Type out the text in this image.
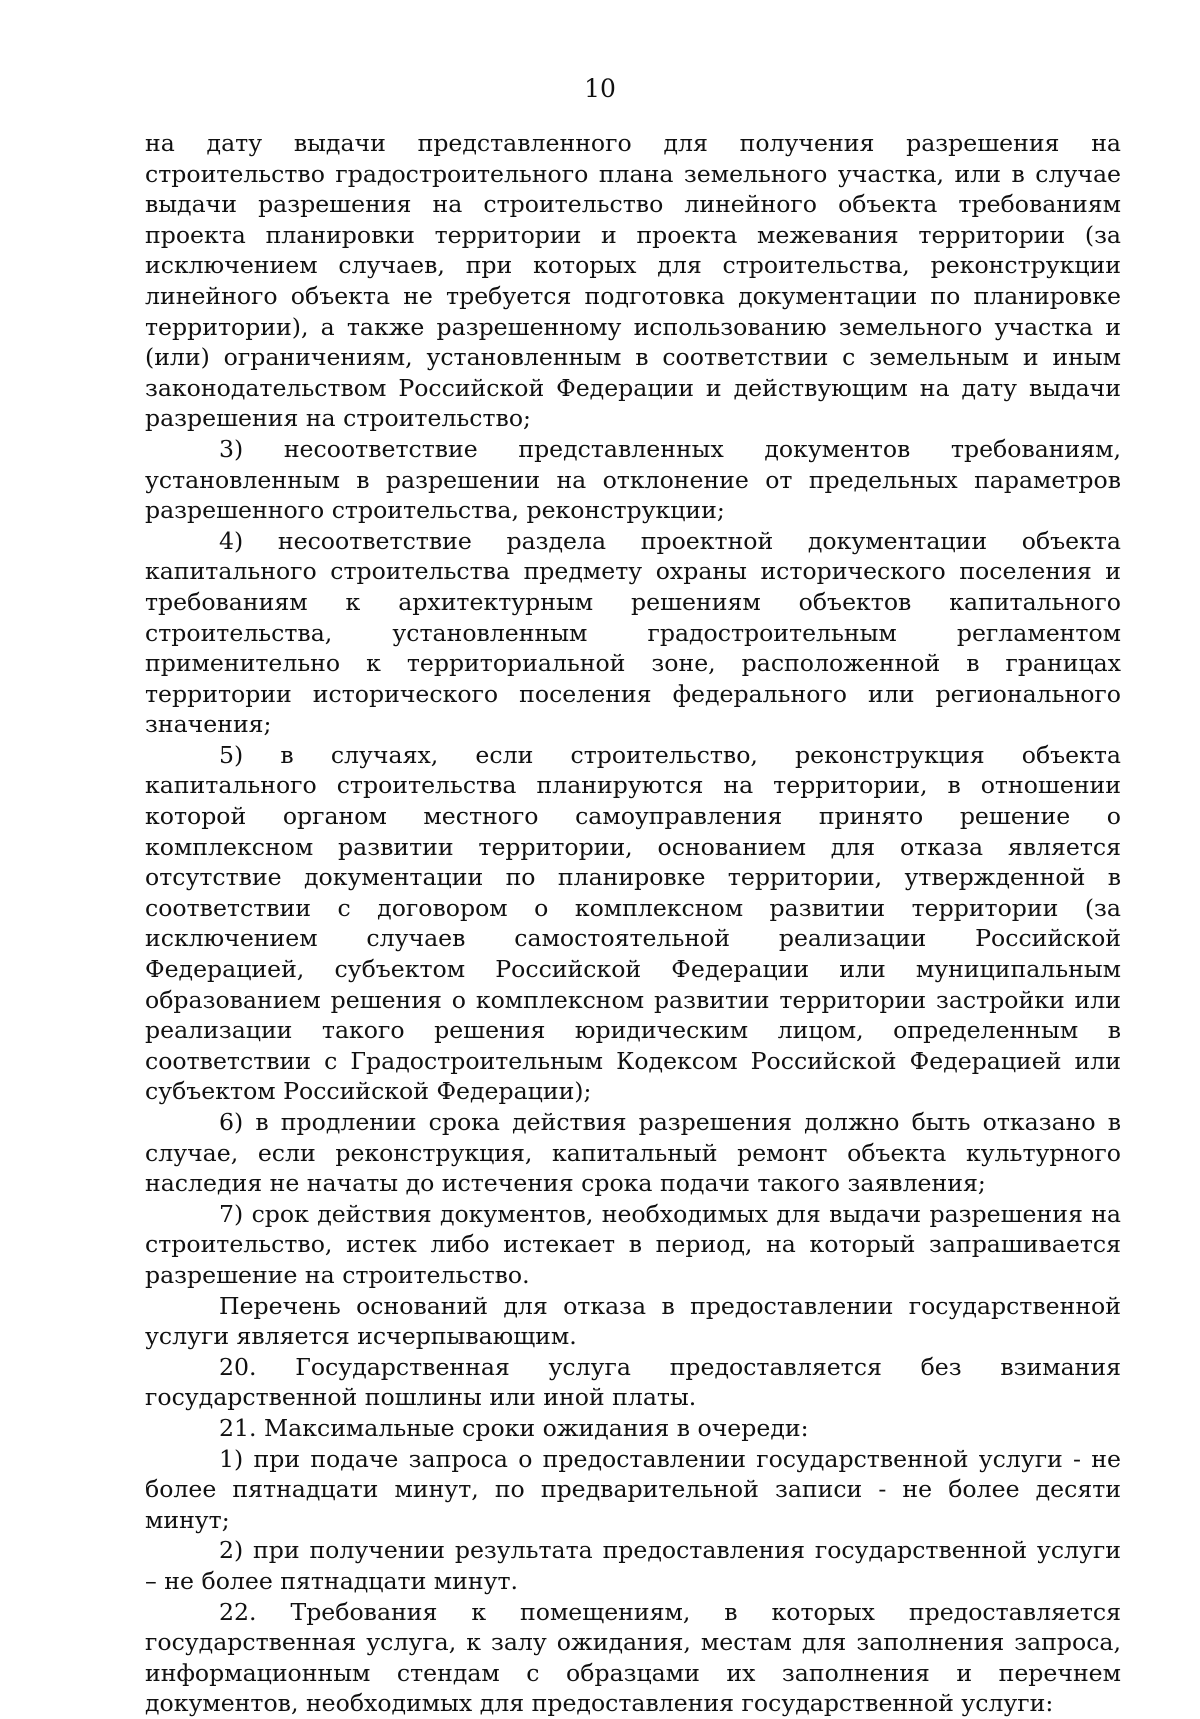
10

на дату выдачи представленного для получения разрешения на строительство градостроительного плана земельного участка, или в случае выдачи разрешения на строительство линейного объекта требованиям проекта планировки территории и проекта межевания территории (за исключением случаев, при которых для строительства, реконструкции линейного объекта не требуется подготовка документации по планировке территории), а также разрешенному использованию земельного участка и (или) ограничениям, установленным в соответствии с земельным и иным законодательством Российской Федерации и действующим на дату выдачи разрешения на строительство;

3) несоответствие представленных документов требованиям, установленным в разрешении на отклонение от предельных параметров разрешенного строительства, реконструкции;

4) несоответствие раздела проектной документации объекта капитального строительства предмету охраны исторического поселения и требованиям к архитектурным решениям объектов капитального строительства, установленным градостроительным регламентом применительно к территориальной зоне, расположенной в границах территории исторического поселения федерального или регионального значения;

5) в случаях, если строительство, реконструкция объекта капитального строительства планируются на территории, в отношении которой органом местного самоуправления принято решение о комплексном развитии территории, основанием для отказа является отсутствие документации по планировке территории, утвержденной в соответствии с договором о комплексном развитии территории (за исключением случаев самостоятельной реализации Российской Федерацией, субъектом Российской Федерации или муниципальным образованием решения о комплексном развитии территории застройки или реализации такого решения юридическим лицом, определенным в соответствии с Градостроительным Кодексом Российской Федерацией или субъектом Российской Федерации);

6) в продлении срока действия разрешения должно быть отказано в случае, если реконструкция, капитальный ремонт объекта культурного наследия не начаты до истечения срока подачи такого заявления;

7) срок действия документов, необходимых для выдачи разрешения на строительство, истек либо истекает в период, на который запрашивается разрешение на строительство.

Перечень оснований для отказа в предоставлении государственной услуги является исчерпывающим.

20. Государственная услуга предоставляется без взимания государственной пошлины или иной платы.

21. Максимальные сроки ожидания в очереди:

1) при подаче запроса о предоставлении государственной услуги - не более пятнадцати минут, по предварительной записи - не более десяти минут;

2) при получении результата предоставления государственной услуги – не более пятнадцати минут.

22. Требования к помещениям, в которых предоставляется государственная услуга, к залу ожидания, местам для заполнения запроса, информационным стендам с образцами их заполнения и перечнем документов, необходимых для предоставления государственной услуги:
